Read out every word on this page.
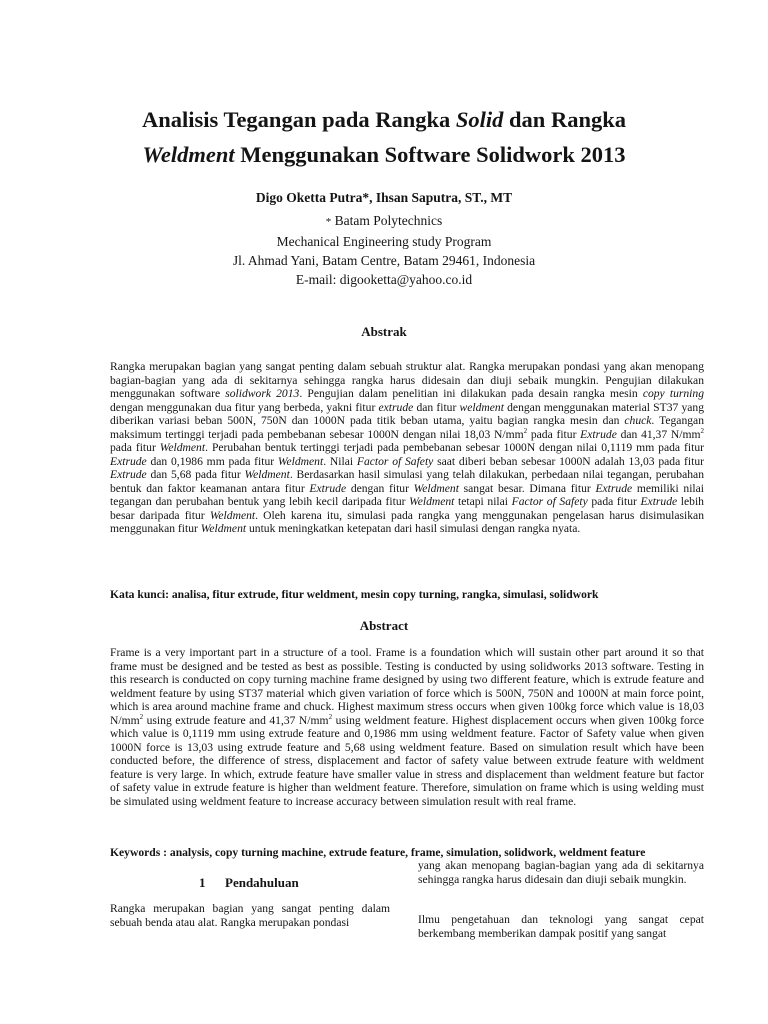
Analisis Tegangan pada Rangka Solid dan Rangka
Weldment Menggunakan Software Solidwork 2013
Digo Oketta Putra*, Ihsan Saputra, ST., MT
* Batam Polytechnics
Mechanical Engineering study Program
Jl. Ahmad Yani, Batam Centre, Batam 29461, Indonesia
E-mail: digooketta@yahoo.co.id
Abstrak
Rangka merupakan bagian yang sangat penting dalam sebuah struktur alat. Rangka merupakan pondasi yang akan menopang bagian-bagian yang ada di sekitarnya sehingga rangka harus didesain dan diuji sebaik mungkin. Pengujian dilakukan menggunakan software solidwork 2013. Pengujian dalam penelitian ini dilakukan pada desain rangka mesin copy turning dengan menggunakan dua fitur yang berbeda, yakni fitur extrude dan fitur weldment dengan menggunakan material ST37 yang diberikan variasi beban 500N, 750N dan 1000N pada titik beban utama, yaitu bagian rangka mesin dan chuck. Tegangan maksimum tertinggi terjadi pada pembebanan sebesar 1000N dengan nilai 18,03 $N/mm^2$ pada fitur Extrude dan 41,37 $N/mm^2$ pada fitur Weldment. Perubahan bentuk tertinggi terjadi pada pembebanan sebesar 1000N dengan nilai 0,1119 mm pada fitur Extrude dan 0,1986 mm pada fitur Weldment. Nilai Factor of Safety saat diberi beban sebesar 1000N adalah 13,03 pada fitur Extrude dan 5,68 pada fitur Weldment. Berdasarkan hasil simulasi yang telah dilakukan, perbedaan nilai tegangan, perubahan bentuk dan faktor keamanan antara fitur Extrude dengan fitur Weldment sangat besar. Dimana fitur Extrude memiliki nilai tegangan dan perubahan bentuk yang lebih kecil daripada fitur Weldment tetapi nilai Factor of Safety pada fitur Extrude lebih besar daripada fitur Weldment. Oleh karena itu, simulasi pada rangka yang menggunakan pengelasan harus disimulasikan menggunakan fitur Weldment untuk meningkatkan ketepatan dari hasil simulasi dengan rangka nyata.
Kata kunci: analisa, fitur extrude, fitur weldment, mesin copy turning, rangka, simulasi, solidwork
Abstract
Frame is a very important part in a structure of a tool. Frame is a foundation which will sustain other part around it so that frame must be designed and be tested as best as possible. Testing is conducted by using solidworks 2013 software. Testing in this research is conducted on copy turning machine frame designed by using two different feature, which is extrude feature and weldment feature by using ST37 material which given variation of force which is 500N, 750N and 1000N at main force point, which is area around machine frame and chuck. Highest maximum stress occurs when given 100kg force which value is 18,03 $N/mm^2$ using extrude feature and 41,37 $N/mm^2$ using weldment feature. Highest displacement occurs when given 100kg force which value is 0,1119 mm using extrude feature and 0,1986 mm using weldment feature. Factor of Safety value when given 1000N force is 13,03 using extrude feature and 5,68 using weldment feature. Based on simulation result which have been conducted before, the difference of stress, displacement and factor of safety value between extrude feature with weldment feature is very large. In which, extrude feature have smaller value in stress and displacement than weldment feature but factor of safety value in extrude feature is higher than weldment feature. Therefore, simulation on frame which is using welding must be simulated using weldment feature to increase accuracy between simulation result with real frame.
Keywords : analysis, copy turning machine, extrude feature, frame, simulation, solidwork, weldment feature
1 Pendahuluan
Rangka merupakan bagian yang sangat penting dalam sebuah benda atau alat. Rangka merupakan pondasi
yang akan menopang bagian-bagian yang ada di sekitarnya sehingga rangka harus didesain dan diuji sebaik mungkin.
Ilmu pengetahuan dan teknologi yang sangat cepat berkembang memberikan dampak positif yang sangat
